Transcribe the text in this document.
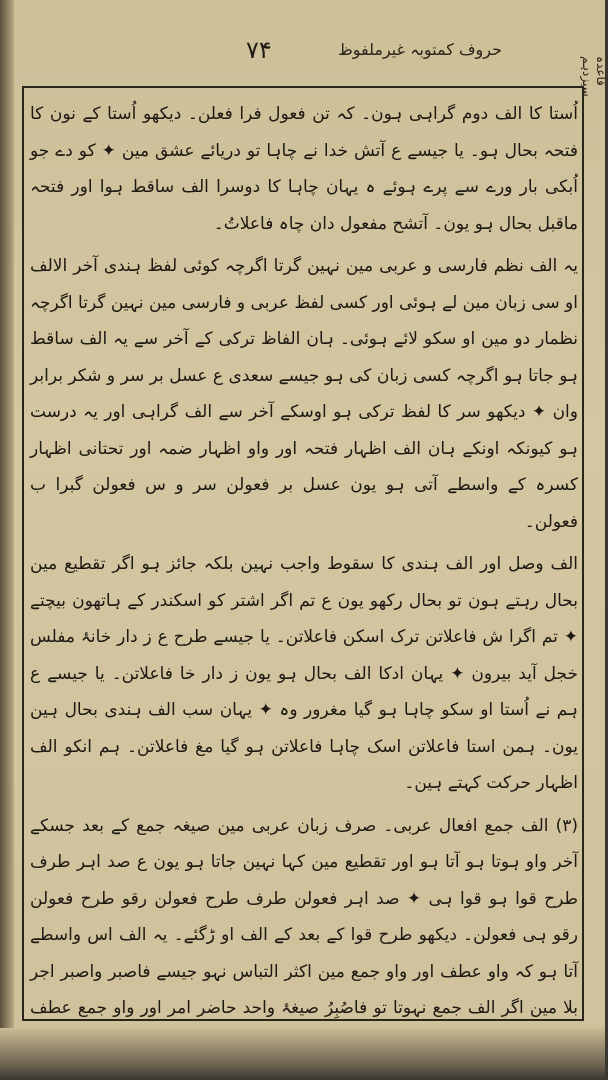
حروف کمتوبہ غیرملفوظ
۷۴
قاعدہ سیزدہم

اُستا کا الف دوم گراہی ہون۔ کہ تن فعول فرا فعلن۔ دیکھو اُستا کے نون کا فتحہ بحال ہو۔ یا جیسے ع آتش خدا نے چاہا تو دریائے عشق مین ✦ کو دے جو اُبکی بار ورے سے پرے ہوئے ہ یہان چاہا کا دوسرا الف ساقط ہوا اور فتحہ ماقبل بحال ہو یون۔ آتشح مفعول دان چاہ فاعلاتُ۔

یہ الف نظم فارسی و عربی مین نہین گرتا اگرچہ کوئی لفظ ہندی آخر الالف او سی زبان مین لے ہوئی اور کسی لفظ عربی و فارسی مین نہین گرتا اگرچہ نظمار دو مین او سکو لائے ہوئی۔ ہان الفاظ ترکی کے آخر سے یہ الف ساقط ہو جاتا ہو اگرچہ کسی زبان کی ہو جیسے سعدی ع عسل بر سر و شکر برابر وان ✦ دیکھو سر کا لفظ ترکی ہو اوسکے آخر سے الف گراہی اور یہ درست ہو کیونکہ اونکے ہان الف اظہار فتحہ اور واو اظہار ضمہ اور تحتانی اظہار کسرہ کے واسطے آتی ہو یون عسل بر فعولن سر و س فعولن گبرا ب فعولن۔

الف وصل اور الف ہندی کا سقوط واجب نہین بلکہ جائز ہو اگر تقطیع مین بحال رہتے ہون تو بحال رکھو یون ع تم اگر اشتر کو اسکندر کے ہاتھون بیچتے ✦ تم اگرا ش فاعلاتن ترک اسکن فاعلاتن۔ یا جیسے طرح ع ز دار خانۂ مفلس خجل آید بیرون ✦ یہان ادکا الف بحال ہو یون ز دار خا فاعلاتن۔ یا جیسے ع ہم نے اُستا او سکو چاہا ہو گیا مغرور وہ ✦ یہان سب الف ہندی بحال ہین یون۔ ہمن استا فاعلاتن اسک چاہا فاعلاتن ہو گیا مغ فاعلاتن۔ ہم انکو الف اظہار حرکت کہتے ہین۔

(۳) الف جمع افعال عربی۔ صرف زبان عربی مین صیغہ جمع کے بعد جسکے آخر واو ہوتا ہو آتا ہو اور تقطیع مین کہا نہین جاتا ہو یون ع صد اہر طرف طرح قوا ہو قوا ہی ✦ صد اہر فعولن طرف طرح فعولن رقو طرح فعولن رقو ہی فعولن۔ دیکھو طرح قوا کے بعد کے الف او ڑگئے۔ یہ الف اس واسطے آتا ہو کہ واو عطف اور واو جمع مین اکثر التباس نہو جیسے فاصبر واصبر اجر بلا مین اگر الف جمع نہوتا تو فاصُبِرُ صیغۂ واحد حاضر امر اور واو جمع عطف
